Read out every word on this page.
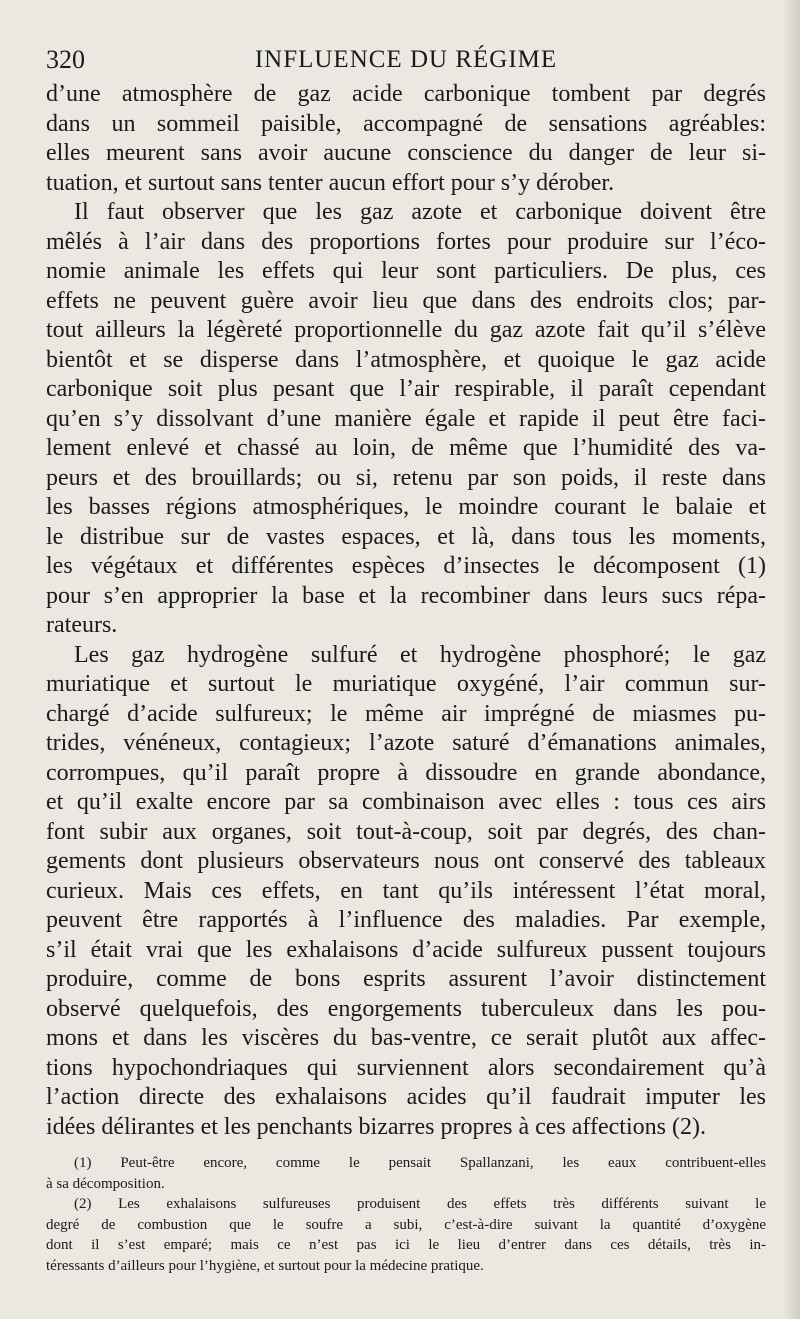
320	INFLUENCE DU RÉGIME
d’une atmosphère de gaz acide carbonique tombent par degrés
dans un sommeil paisible, accompagné de sensations agréables:
elles meurent sans avoir aucune conscience du danger de leur si-
tuation, et surtout sans tenter aucun effort pour s’y dérober.
Il faut observer que les gaz azote et carbonique doivent être
mêlés à l’air dans des proportions fortes pour produire sur l’éco-
nomie animale les effets qui leur sont particuliers. De plus, ces
effets ne peuvent guère avoir lieu que dans des endroits clos; par-
tout ailleurs la légèreté proportionnelle du gaz azote fait qu’il s’élève
bientôt et se disperse dans l’atmosphère, et quoique le gaz acide
carbonique soit plus pesant que l’air respirable, il paraît cependant
qu’en s’y dissolvant d’une manière égale et rapide il peut être faci-
lement enlevé et chassé au loin, de même que l’humidité des va-
peurs et des brouillards; ou si, retenu par son poids, il reste dans
les basses régions atmosphériques, le moindre courant le balaie et
le distribue sur de vastes espaces, et là, dans tous les moments,
les végétaux et différentes espèces d’insectes le décomposent (1)
pour s’en approprier la base et la recombiner dans leurs sucs répa-
rateurs.
Les gaz hydrogène sulfuré et hydrogène phosphoré; le gaz
muriatique et surtout le muriatique oxygéné, l’air commun sur-
chargé d’acide sulfureux; le même air imprégné de miasmes pu-
trides, vénéneux, contagieux; l’azote saturé d’émanations animales,
corrompues, qu’il paraît propre à dissoudre en grande abondance,
et qu’il exalte encore par sa combinaison avec elles : tous ces airs
font subir aux organes, soit tout-à-coup, soit par degrés, des chan-
gements dont plusieurs observateurs nous ont conservé des tableaux
curieux. Mais ces effets, en tant qu’ils intéressent l’état moral,
peuvent être rapportés à l’influence des maladies. Par exemple,
s’il était vrai que les exhalaisons d’acide sulfureux pussent toujours
produire, comme de bons esprits assurent l’avoir distinctement
observé quelquefois, des engorgements tuberculeux dans les pou-
mons et dans les viscères du bas-ventre, ce serait plutôt aux affec-
tions hypochondriaques qui surviennent alors secondairement qu’à
l’action directe des exhalaisons acides qu’il faudrait imputer les
idées délirantes et les penchants bizarres propres à ces affections (2).
(1) Peut-être encore, comme le pensait Spallanzani, les eaux contribuent-elles
à sa décomposition.
(2) Les exhalaisons sulfureuses produisent des effets très différents suivant le
degré de combustion que le soufre a subi, c’est-à-dire suivant la quantité d’oxygène
dont il s’est emparé; mais ce n’est pas ici le lieu d’entrer dans ces détails, très in-
téressants d’ailleurs pour l’hygiène, et surtout pour la médecine pratique.
